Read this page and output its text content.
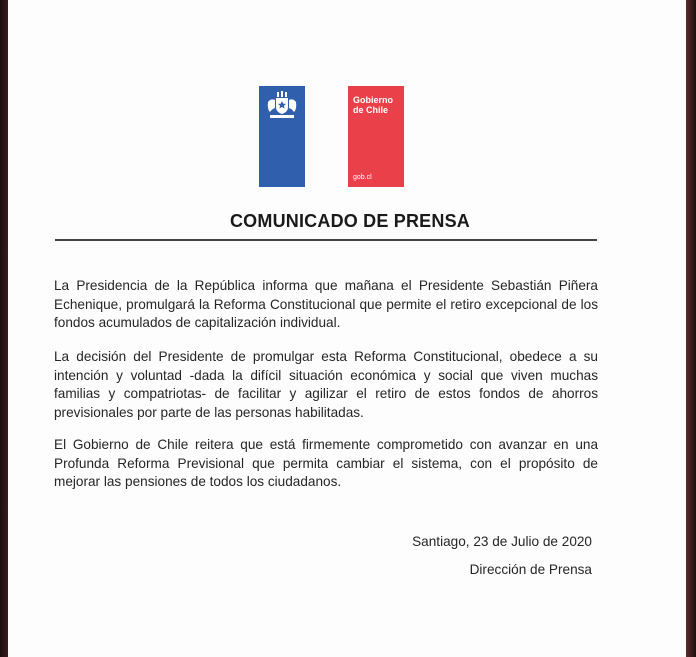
Gobierno
de Chile
gob.cl
COMUNICADO DE PRENSA
La Presidencia de la República informa que mañana el Presidente Sebastián Piñera Echenique, promulgará la Reforma Constitucional que permite el retiro excepcional de los fondos acumulados de capitalización individual.
La decisión del Presidente de promulgar esta Reforma Constitucional, obedece a su intención y voluntad -dada la difícil situación económica y social que viven muchas familias y compatriotas- de facilitar y agilizar el retiro de estos fondos de ahorros previsionales por parte de las personas habilitadas.
El Gobierno de Chile reitera que está firmemente comprometido con avanzar en una Profunda Reforma Previsional que permita cambiar el sistema, con el propósito de mejorar las pensiones de todos los ciudadanos.
Santiago, 23 de Julio de 2020
Dirección de Prensa
